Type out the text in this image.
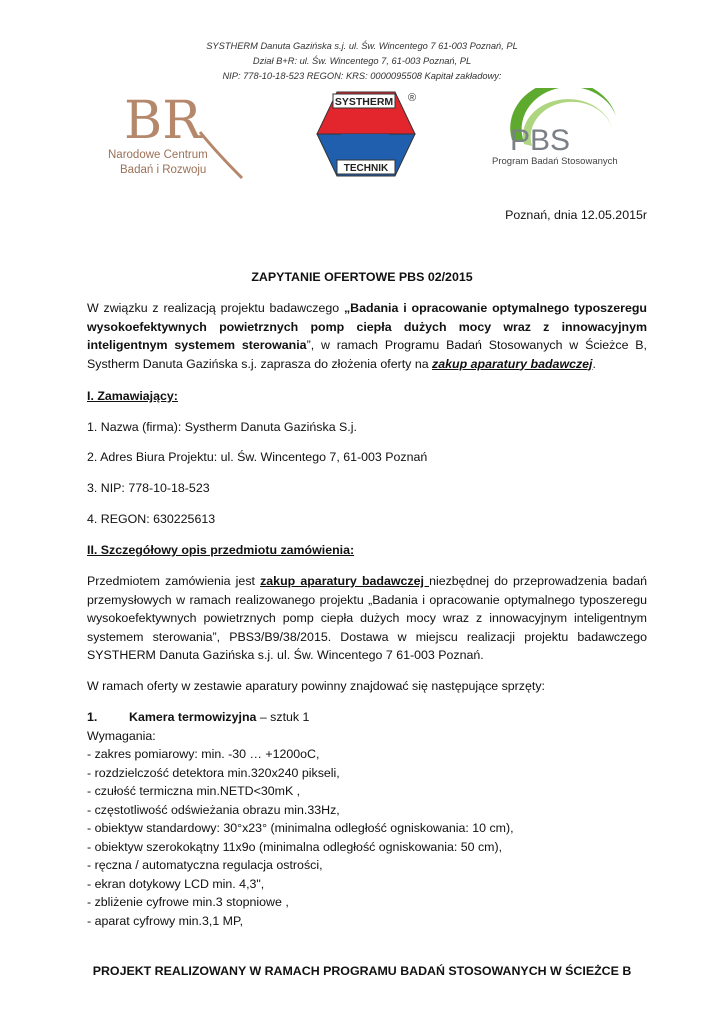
SYSTHERM Danuta Gazińska s.j. ul. Św. Wincentego 7 61-003 Poznań, PL
Dział B+R: ul. Św. Wincentego 7, 61-003 Poznań, PL
NIP: 778-10-18-523 REGON: KRS: 0000095508 Kapitał zakładowy:
BR
Narodowe Centrum
Badań i Rozwoju
SYSTHERM
TECHNIK
®
PBS
Program Badań Stosowanych
Poznań, dnia 12.05.2015r
ZAPYTANIE OFERTOWE PBS 02/2015
W związku z realizacją projektu badawczego „Badania i opracowanie optymalnego typoszeregu wysokoefektywnych powietrznych pomp ciepła dużych mocy wraz z innowacyjnym inteligentnym systemem sterowania”, w ramach Programu Badań Stosowanych w Ścieżce B, Systherm Danuta Gazińska s.j. zaprasza do złożenia oferty na zakup aparatury badawczej.
I. Zamawiający:
1. Nazwa (firma): Systherm Danuta Gazińska S.j.
2. Adres Biura Projektu: ul. Św. Wincentego 7, 61-003 Poznań
3. NIP: 778-10-18-523
4. REGON: 630225613
II. Szczegółowy opis przedmiotu zamówienia:
Przedmiotem zamówienia jest zakup aparatury badawczej niezbędnej do przeprowadzenia badań przemysłowych w ramach realizowanego projektu „Badania i opracowanie optymalnego typoszeregu wysokoefektywnych powietrznych pomp ciepła dużych mocy wraz z innowacyjnym inteligentnym systemem sterowania”, PBS3/B9/38/2015. Dostawa w miejscu realizacji projektu badawczego SYSTHERM Danuta Gazińska s.j. ul. Św. Wincentego 7 61-003 Poznań.
W ramach oferty w zestawie aparatury powinny znajdować się następujące sprzęty:
1.	Kamera termowizyjna – sztuk 1
Wymagania:
- zakres pomiarowy: min. -30 … +1200oC,
- rozdzielczość detektora min.320x240 pikseli,
- czułość termiczna min.NETD<30mK ,
- częstotliwość odświeżania obrazu min.33Hz,
- obiektyw standardowy: 30°x23° (minimalna odległość ogniskowania: 10 cm),
- obiektyw szerokokątny 11x9o (minimalna odległość ogniskowania: 50 cm),
- ręczna / automatyczna regulacja ostrości,
- ekran dotykowy LCD min. 4,3",
- zbliżenie cyfrowe min.3 stopniowe ,
- aparat cyfrowy min.3,1 MP,
PROJEKT REALIZOWANY W RAMACH PROGRAMU BADAŃ STOSOWANYCH W ŚCIEŻCE B
